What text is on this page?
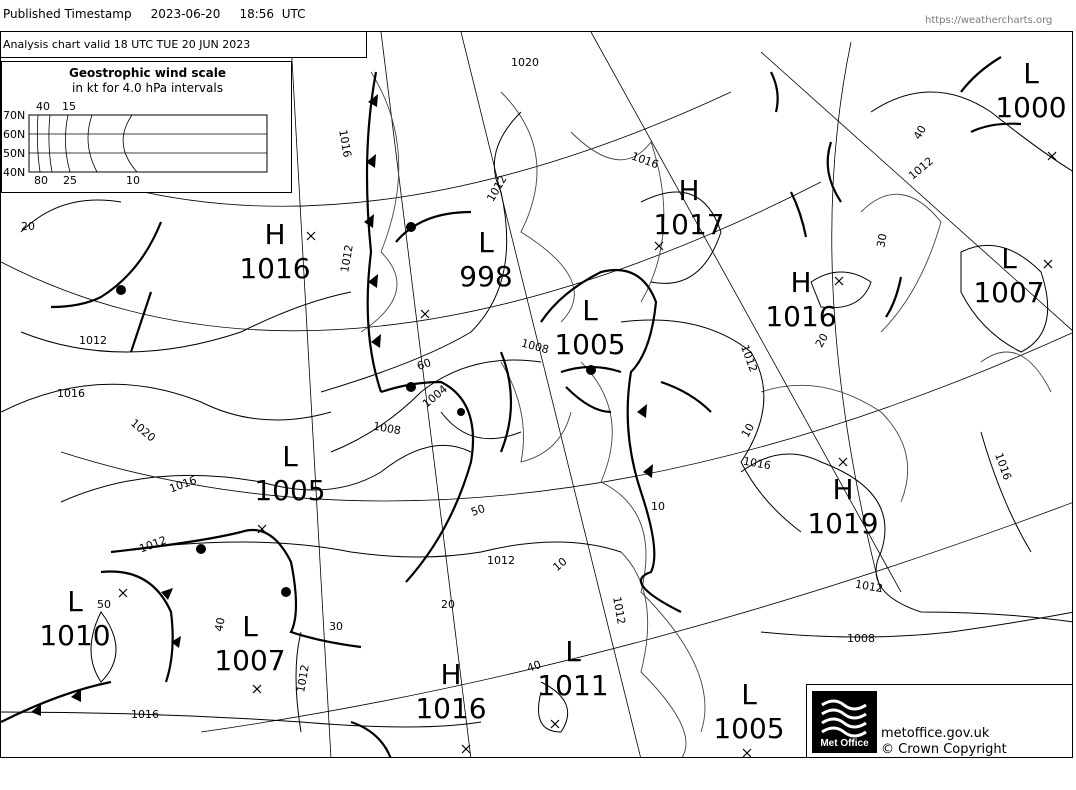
Published Timestamp 2023-06-20 18:56 UTC	https://weathercharts.org
Analysis chart valid 18 UTC TUE 20 JUN 2023
Geostrophic wind scale
in kt for 4.0 hPa intervals
70N
60N
50N
40N
40 15
80 25	10
L
1000
H
1017
H
1016
L
998
L
1005
H
1016
L
1007
L
1005	H
1019
L
1010	L
1007	H
1016
L
1011	L
1005
1020
1016
1016
1012
1012
1012
1008
1016
1020
1016
1004
1008
1012
1012
1012
1016	1016
1012
1012
1008
1016
1012
1012
40
20
10
60
50
50
40	30
20
10
40
30
10
20
Met Office
metoffice.gov.uk
© Crown Copyright
